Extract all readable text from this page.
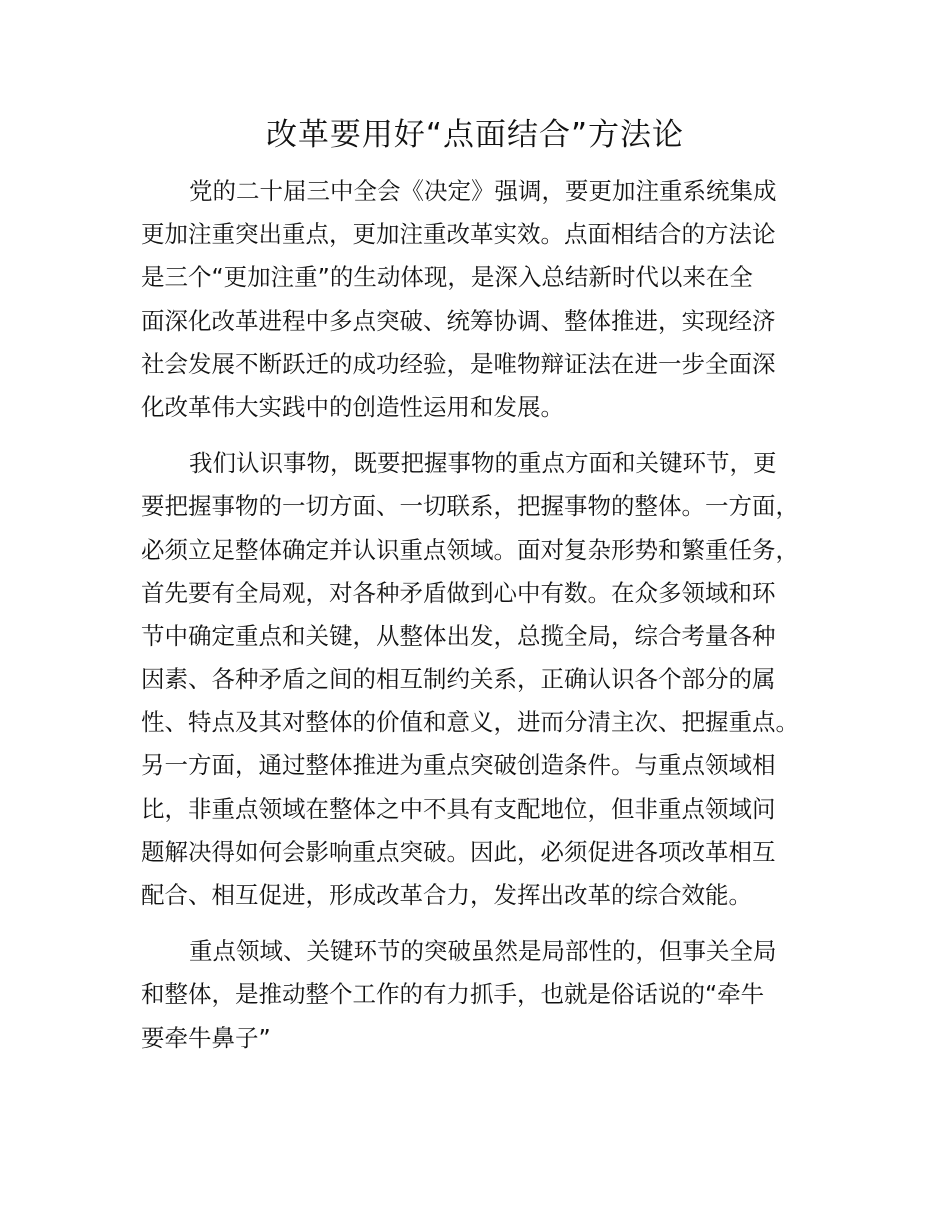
改革要用好“点面结合”方法论
党的二十届三中全会《决定》强调，要更加注重系统集成
更加注重突出重点，更加注重改革实效。点面相结合的方法论
是三个“更加注重”的生动体现，是深入总结新时代以来在全
面深化改革进程中多点突破、统筹协调、整体推进，实现经济
社会发展不断跃迁的成功经验，是唯物辩证法在进一步全面深
化改革伟大实践中的创造性运用和发展。
我们认识事物，既要把握事物的重点方面和关键环节，更
要把握事物的一切方面、一切联系，把握事物的整体。一方面，
必须立足整体确定并认识重点领域。面对复杂形势和繁重任务，
首先要有全局观，对各种矛盾做到心中有数。在众多领域和环
节中确定重点和关键，从整体出发，总揽全局，综合考量各种
因素、各种矛盾之间的相互制约关系，正确认识各个部分的属
性、特点及其对整体的价值和意义，进而分清主次、把握重点。
另一方面，通过整体推进为重点突破创造条件。与重点领域相
比，非重点领域在整体之中不具有支配地位，但非重点领域问
题解决得如何会影响重点突破。因此，必须促进各项改革相互
配合、相互促进，形成改革合力，发挥出改革的综合效能。
重点领域、关键环节的突破虽然是局部性的，但事关全局
和整体，是推动整个工作的有力抓手，也就是俗话说的“牵牛
要牵牛鼻子”
